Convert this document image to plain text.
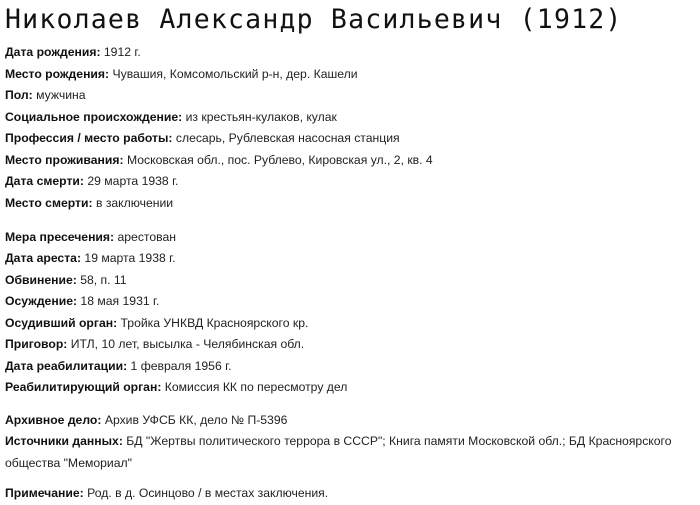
Николаев Александр Васильевич (1912)
Дата рождения: 1912 г.
Место рождения: Чувашия, Комсомольский р-н, дер. Кашели
Пол: мужчина
Социальное происхождение: из крестьян-кулаков, кулак
Профессия / место работы: слесарь, Рублевская насосная станция
Место проживания: Московская обл., пос. Рублево, Кировская ул., 2, кв. 4
Дата смерти: 29 марта 1938 г.
Место смерти: в заключении
Мера пресечения: арестован
Дата ареста: 19 марта 1938 г.
Обвинение: 58, п. 11
Осуждение: 18 мая 1931 г.
Осудивший орган: Тройка УНКВД Красноярского кр.
Приговор: ИТЛ, 10 лет, высылка - Челябинская обл.
Дата реабилитации: 1 февраля 1956 г.
Реабилитирующий орган: Комиссия КК по пересмотру дел
Архивное дело: Архив УФСБ КК, дело № П-5396
Источники данных: БД "Жертвы политического террора в СССР"; Книга памяти Московской обл.; БД Красноярского общества "Мемориал"
Примечание: Род. в д. Осинцово / в местах заключения.
